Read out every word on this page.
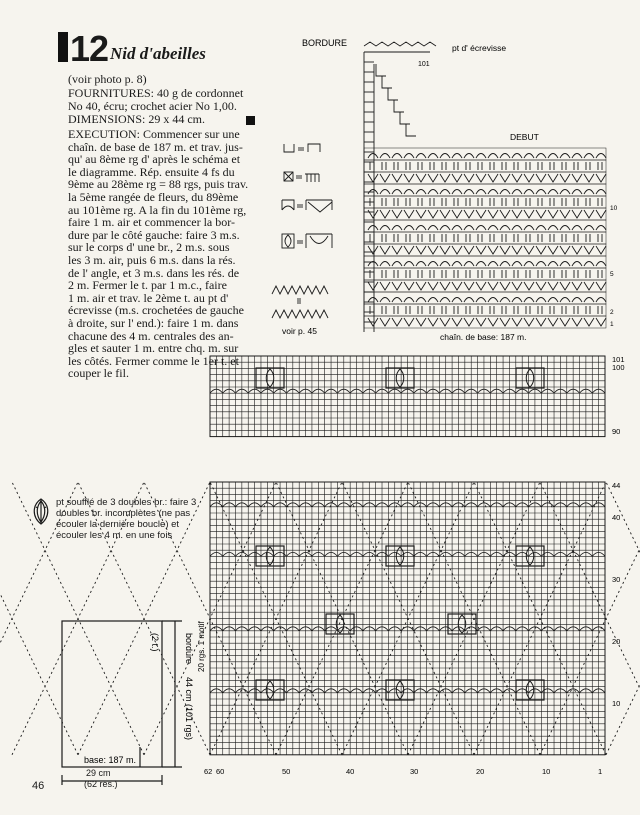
12 Nid d'abeilles
(voir photo p. 8)
FOURNITURES: 40 g de cordonnet
No 40, écru; crochet acier No 1,00.
DIMENSIONS: 29 x 44 cm.
EXECUTION: Commencer sur une
chaîn. de base de 187 m. et trav. jus-
qu' au 8ème rg d' après le schéma et
le diagramme. Rép. ensuite 4 fs du
9ème au 28ème rg = 88 rgs, puis trav.
la 5ème rangée de fleurs, du 89ème
au 101ème rg. A la fin du 101ème rg,
faire 1 m. air et commencer la bor-
dure par le côté gauche: faire 3 m.s.
sur le corps d' une br., 2 m.s. sous
les 3 m. air, puis 6 m.s. dans la rés.
de l' angle, et 3 m.s. dans les rés. de
2 m. Fermer le t. par 1 m.c., faire
1 m. air et trav. le 2ème t. au pt d'
écrevisse (m.s. crochetées de gauche
à droite, sur l' end.): faire 1 m. dans
chacune des 4 m. centrales des an-
gles et sauter 1 m. entre chq. m. sur
les côtés. Fermer comme le 1er t. et
couper le fil.
pt soufflé de 3 doubles br.: faire 3
doubles br. incomplètes (ne pas
écouler la dernière boucle) et
écouler les 4 m. en une fois
base: 187 m.
bordure
(2 t.)
44 cm (101 rgs)
29 cm
(62 rés.)
46
BORDURE	pt d' écrevisse
101
DEBUT
chaîn. de base: 187 m.
10
5
2
1
voir p. 45
101
100
90
44
40
30
20
10
62 60	50	40	30	20	10	1
20 rgs. 1 motif
